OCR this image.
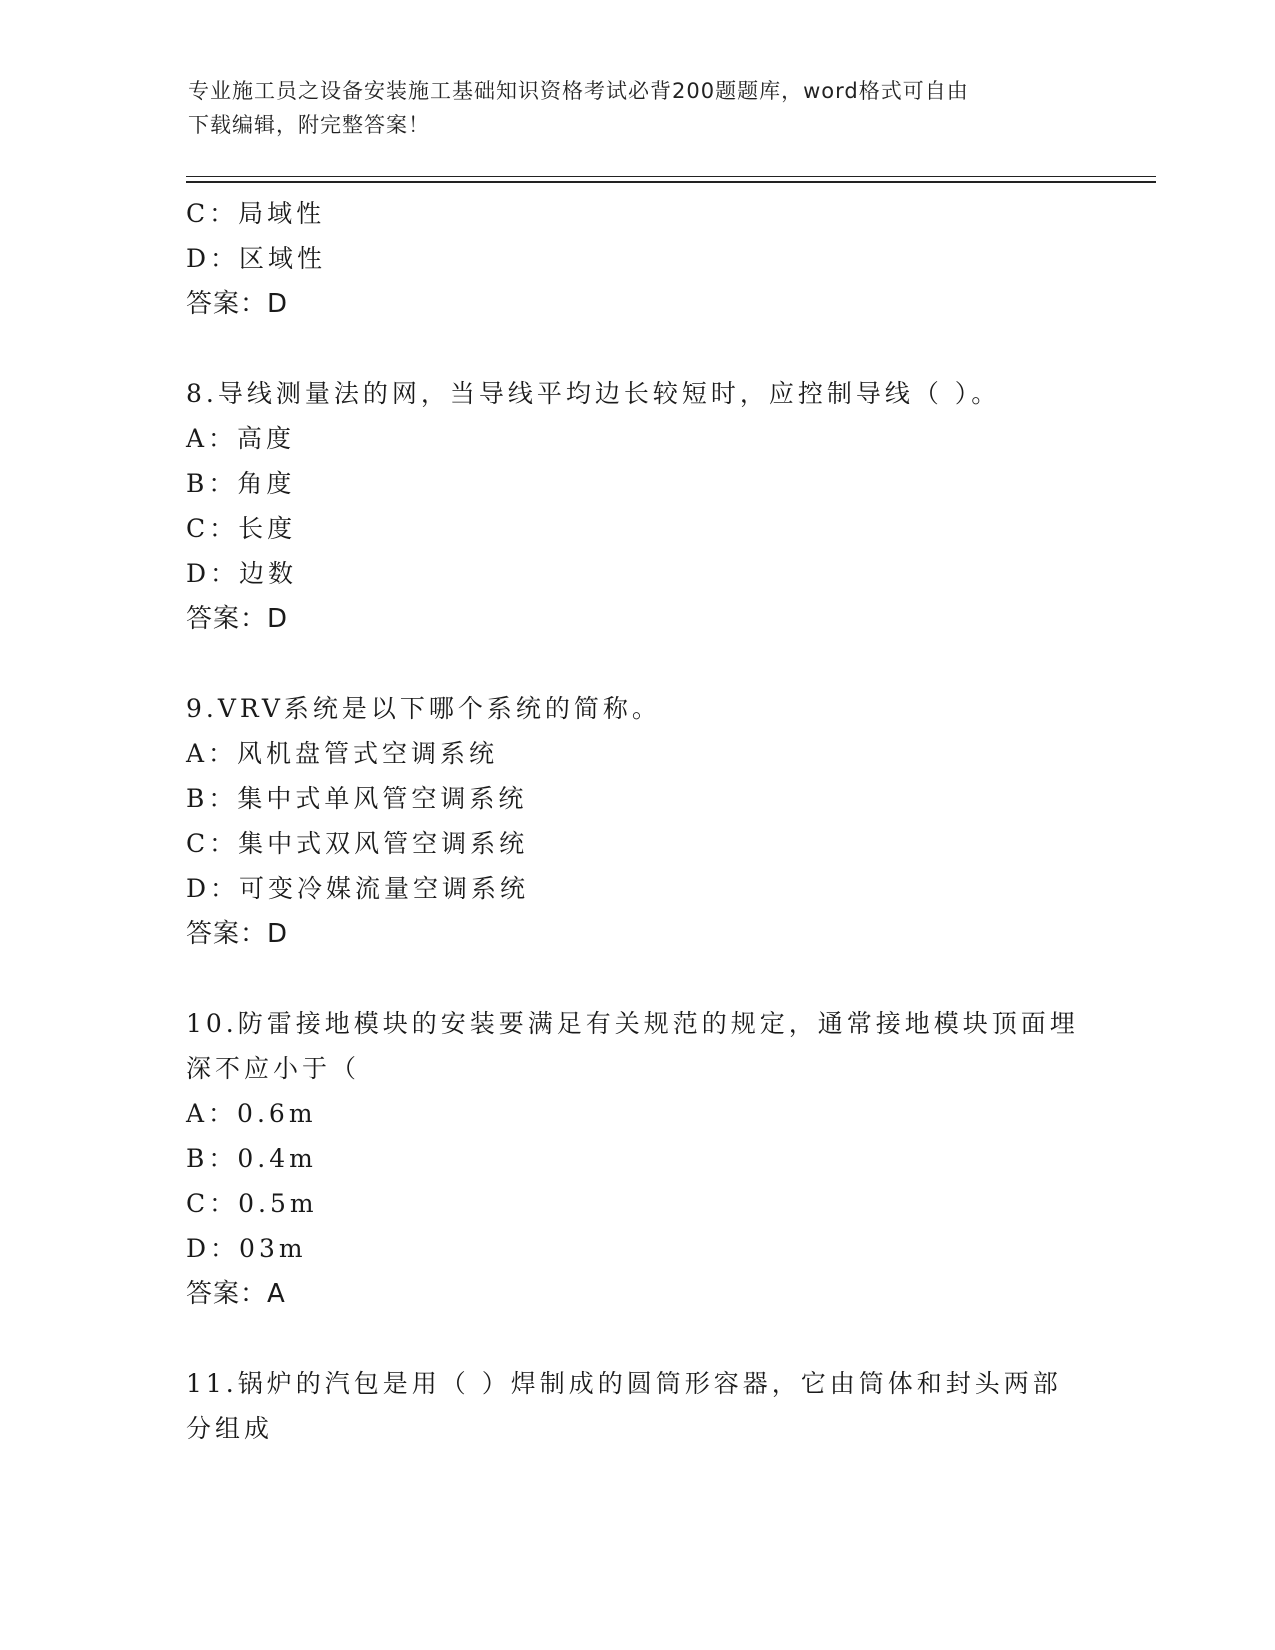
专业施工员之设备安装施工基础知识资格考试必背200题题库，word格式可自由
下载编辑，附完整答案！
C：局域性
D：区域性
答案：D
8.导线测量法的网，当导线平均边长较短时，应控制导线（ ）。
A：高度
B：角度
C：长度
D：边数
答案：D
9.VRV系统是以下哪个系统的简称。
A：风机盘管式空调系统
B：集中式单风管空调系统
C：集中式双风管空调系统
D：可变冷媒流量空调系统
答案：D
10.防雷接地模块的安装要满足有关规范的规定，通常接地模块顶面埋
深不应小于（
A：0.6m
B：0.4m
C：0.5m
D：03m
答案：A
11.锅炉的汽包是用（ ）焊制成的圆筒形容器，它由筒体和封头两部
分组成
